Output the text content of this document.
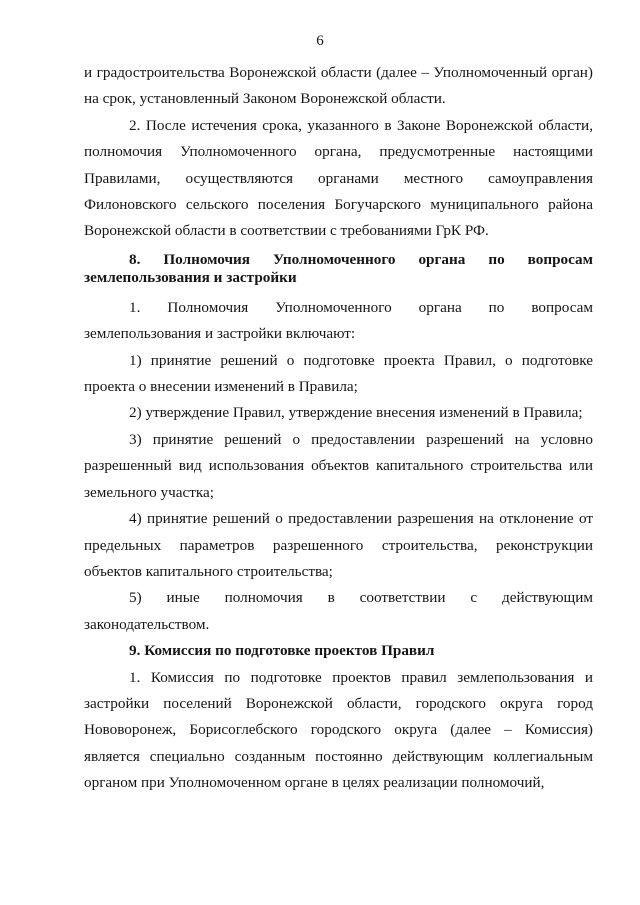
6

и градостроительства Воронежской области (далее – Уполномоченный орган) на срок, установленный Законом Воронежской области.

2. После истечения срока, указанного в Законе Воронежской области, полномочия Уполномоченного органа, предусмотренные настоящими Правилами, осуществляются органами местного самоуправления Филоновского сельского поселения Богучарского муниципального района Воронежской области в соответствии с требованиями ГрК РФ.

8. Полномочия Уполномоченного органа по вопросам землепользования и застройки

1. Полномочия Уполномоченного органа по вопросам землепользования и застройки включают:

1) принятие решений о подготовке проекта Правил, о подготовке проекта о внесении изменений в Правила;

2) утверждение Правил, утверждение внесения изменений в Правила;

3) принятие решений о предоставлении разрешений на условно разрешенный вид использования объектов капитального строительства или земельного участка;

4) принятие решений о предоставлении разрешения на отклонение от предельных параметров разрешенного строительства, реконструкции объектов капитального строительства;

5) иные полномочия в соответствии с действующим законодательством.

9. Комиссия по подготовке проектов Правил

1. Комиссия по подготовке проектов правил землепользования и застройки поселений Воронежской области, городского округа город Нововоронеж, Борисоглебского городского округа (далее – Комиссия) является специально созданным постоянно действующим коллегиальным органом при Уполномоченном органе в целях реализации полномочий,
